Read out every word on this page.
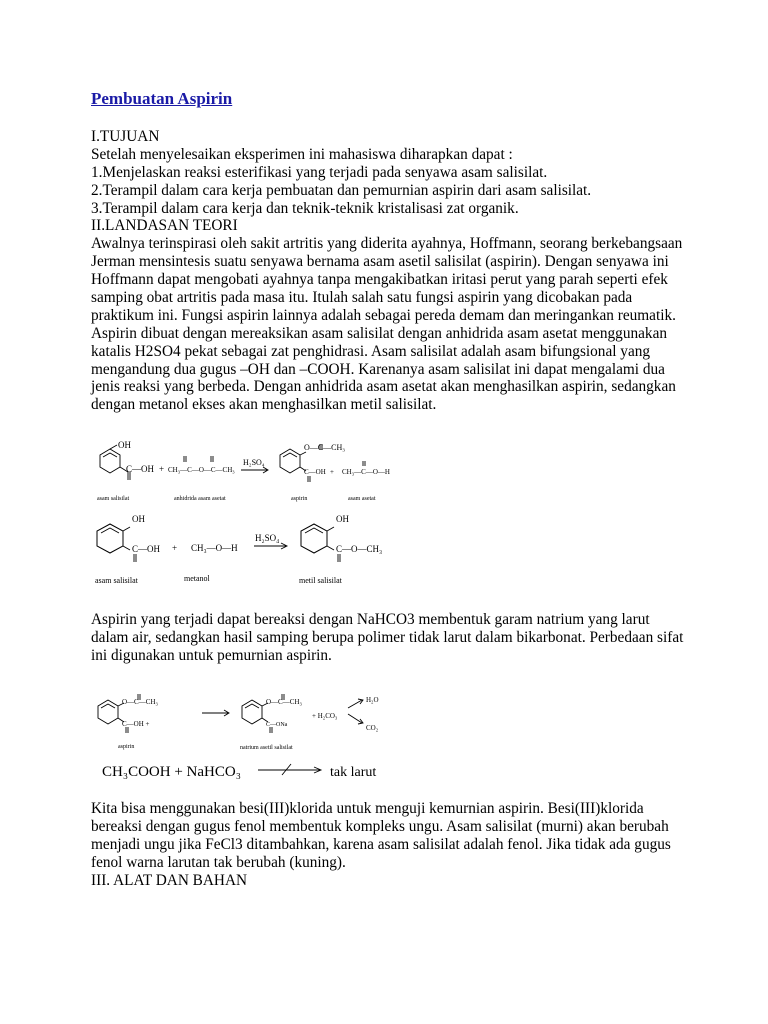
Pembuatan Aspirin
I.TUJUAN
Setelah menyelesaikan eksperimen ini mahasiswa diharapkan dapat :
1.Menjelaskan reaksi esterifikasi yang terjadi pada senyawa asam salisilat.
2.Terampil dalam cara kerja pembuatan dan pemurnian aspirin dari asam salisilat.
3.Terampil dalam cara kerja dan teknik-teknik kristalisasi zat organik.
II.LANDASAN TEORI
Awalnya terinspirasi oleh sakit artritis yang diderita ayahnya, Hoffmann, seorang berkebangsaan
Jerman mensintesis suatu senyawa bernama asam asetil salisilat (aspirin). Dengan senyawa ini
Hoffmann dapat mengobati ayahnya tanpa mengakibatkan iritasi perut yang parah seperti efek
samping obat artritis pada masa itu. Itulah salah satu fungsi aspirin yang dicobakan pada
praktikum ini. Fungsi aspirin lainnya adalah sebagai pereda demam dan meringankan reumatik.
Aspirin dibuat dengan mereaksikan asam salisilat dengan anhidrida asam asetat menggunakan
katalis H2SO4 pekat sebagai zat penghidrasi. Asam salisilat adalah asam bifungsional yang
mengandung dua gugus –OH dan –COOH. Karenanya asam salisilat ini dapat mengalami dua
jenis reaksi yang berbeda. Dengan anhidrida asam asetat akan menghasilkan aspirin, sedangkan
dengan metanol ekses akan menghasilkan metil salisilat.
OH
C—OH + CH₃—C—O—C—CH₃
H₂SO₄
O—C—CH₃
C—OH + CH₃—C—O—H
asam salisilat	anhidrida asam asetat	aspirin	asam asetat
OH
C—OH + CH₃—O—H
H₂SO₄
OH
C—O—CH₃
asam salisilat	metanol	metil salisilat
Aspirin yang terjadi dapat bereaksi dengan NaHCO3 membentuk garam natrium yang larut
dalam air, sedangkan hasil samping berupa polimer tidak larut dalam bikarbonat. Perbedaan sifat
ini digunakan untuk pemurnian aspirin.
O—C—CH₃
C—OH +
aspirin
O—C—CH₃
C—ONa
+ H₂CO₃
H₂O
CO₂
natrium asetil salisilat
CH₃COOH + NaHCO₃	tak larut
Kita bisa menggunakan besi(III)klorida untuk menguji kemurnian aspirin. Besi(III)klorida
bereaksi dengan gugus fenol membentuk kompleks ungu. Asam salisilat (murni) akan berubah
menjadi ungu jika FeCl3 ditambahkan, karena asam salisilat adalah fenol. Jika tidak ada gugus
fenol warna larutan tak berubah (kuning).
III. ALAT DAN BAHAN
